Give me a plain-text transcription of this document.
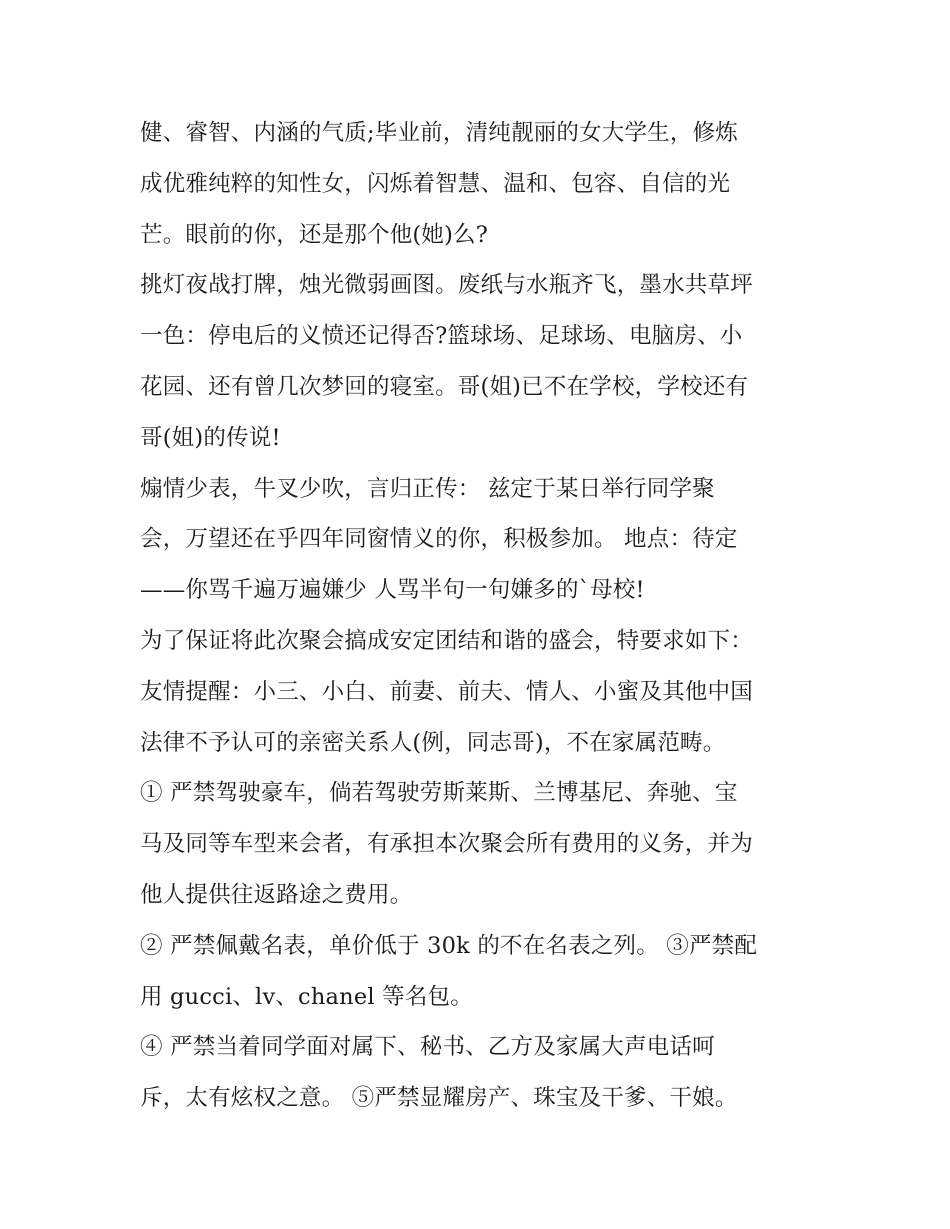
健、睿智、内涵的气质;毕业前，清纯靓丽的女大学生，修炼
成优雅纯粹的知性女，闪烁着智慧、温和、包容、自信的光
芒。眼前的你，还是那个他(她)么?
挑灯夜战打牌，烛光微弱画图。废纸与水瓶齐飞，墨水共草坪
一色：停电后的义愤还记得否?篮球场、足球场、电脑房、小
花园、还有曾几次梦回的寝室。哥(姐)已不在学校，学校还有
哥(姐)的传说!
煽情少表，牛叉少吹，言归正传： 兹定于某日举行同学聚
会，万望还在乎四年同窗情义的你，积极参加。 地点：待定
——你骂千遍万遍嫌少 人骂半句一句嫌多的`母校!
为了保证将此次聚会搞成安定团结和谐的盛会，特要求如下：
友情提醒：小三、小白、前妻、前夫、情人、小蜜及其他中国
法律不予认可的亲密关系人(例，同志哥)，不在家属范畴。
① 严禁驾驶豪车，倘若驾驶劳斯莱斯、兰博基尼、奔驰、宝
马及同等车型来会者，有承担本次聚会所有费用的义务，并为
他人提供往返路途之费用。
② 严禁佩戴名表，单价低于 30k 的不在名表之列。 ③严禁配
用 gucci、lv、chanel 等名包。
④ 严禁当着同学面对属下、秘书、乙方及家属大声电话呵
斥，太有炫权之意。 ⑤严禁显耀房产、珠宝及干爹、干娘。
